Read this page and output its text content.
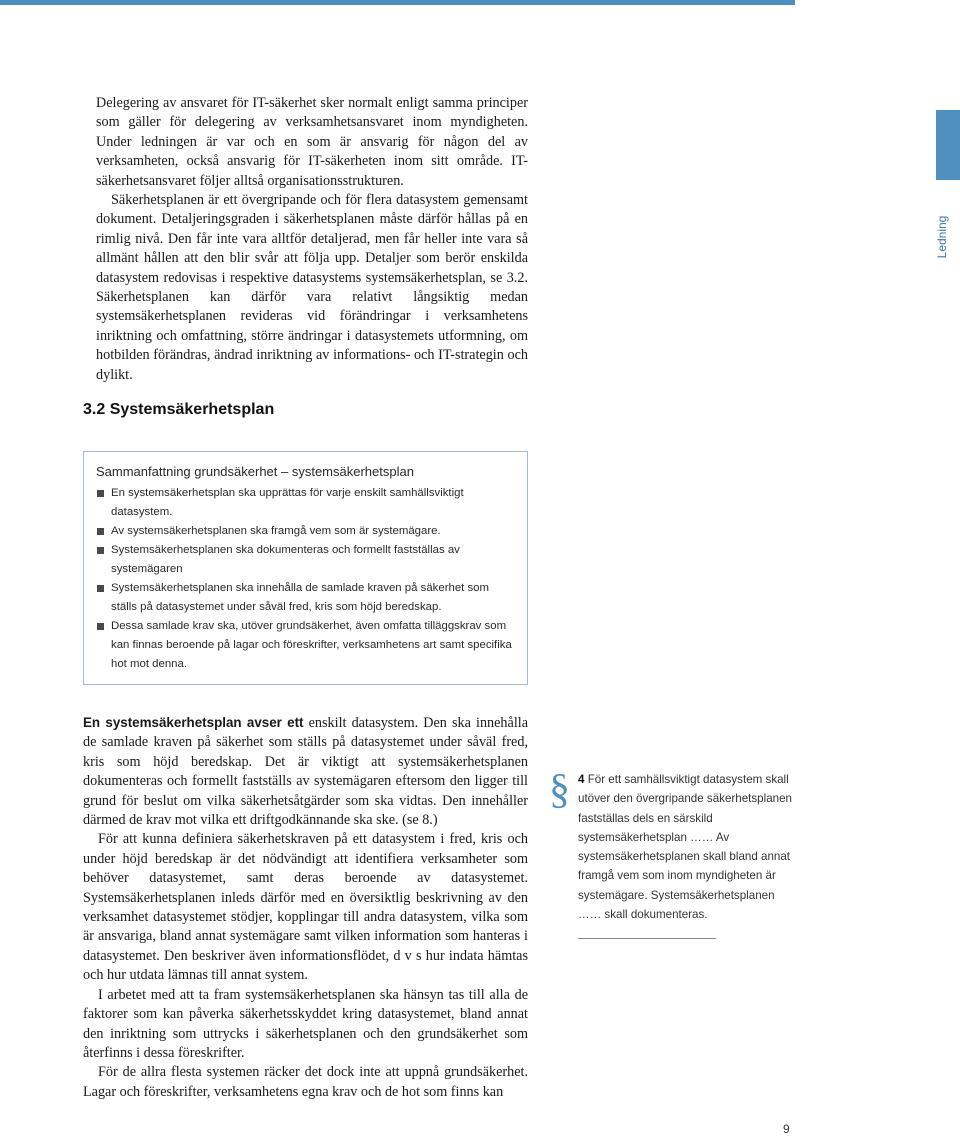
Ledning

Delegering av ansvaret för IT-säkerhet sker normalt enligt samma principer som gäller för delegering av verksamhetsansvaret inom myndigheten. Under ledningen är var och en som är ansvarig för någon del av verksamheten, också ansvarig för IT-säkerheten inom sitt område. IT-säkerhetsansvaret följer alltså organisationsstrukturen.

Säkerhetsplanen är ett övergripande och för flera datasystem gemensamt dokument. Detaljeringsgraden i säkerhetsplanen måste därför hållas på en rimlig nivå. Den får inte vara alltför detaljerad, men får heller inte vara så allmänt hållen att den blir svår att följa upp. Detaljer som berör enskilda datasystem redovisas i respektive datasystems systemsäkerhetsplan, se 3.2. Säkerhetsplanen kan därför vara relativt långsiktig medan systemsäkerhetsplanen revideras vid förändringar i verksamhetens inriktning och omfattning, större ändringar i datasystemets utformning, om hotbilden förändras, ändrad inriktning av informations- och IT-strategin och dylikt.

3.2 Systemsäkerhetsplan
Sammanfattning grundsäkerhet – systemsäkerhetsplan
En systemsäkerhetsplan ska upprättas för varje enskilt samhällsviktigt datasystem.
Av systemsäkerhetsplanen ska framgå vem som är systemägare.
Systemsäkerhetsplanen ska dokumenteras och formellt fastställas av systemägaren
Systemsäkerhetsplanen ska innehålla de samlade kraven på säkerhet som ställs på datasystemet under såväl fred, kris som höjd beredskap.
Dessa samlade krav ska, utöver grundsäkerhet, även omfatta tilläggskrav som kan finnas beroende på lagar och föreskrifter, verksamhetens art samt specifika hot mot denna.

En systemsäkerhetsplan avser ett enskilt datasystem. Den ska innehålla de samlade kraven på säkerhet som ställs på datasystemet under såväl fred, kris som höjd beredskap. Det är viktigt att systemsäkerhetsplanen dokumenteras och formellt fastställs av systemägaren eftersom den ligger till grund för beslut om vilka säkerhetsåtgärder som ska vidtas. Den innehåller därmed de krav mot vilka ett driftgodkännande ska ske. (se 8.)

För att kunna definiera säkerhetskraven på ett datasystem i fred, kris och under höjd beredskap är det nödvändigt att identifiera verksamheter som behöver datasystemet, samt deras beroende av datasystemet. Systemsäkerhetsplanen inleds därför med en översiktlig beskrivning av den verksamhet datasystemet stödjer, kopplingar till andra datasystem, vilka som är ansvariga, bland annat systemägare samt vilken information som hanteras i datasystemet. Den beskriver även informationsflödet, d v s hur indata hämtas och hur utdata lämnas till annat system.

I arbetet med att ta fram systemsäkerhetsplanen ska hänsyn tas till alla de faktorer som kan påverka säkerhetsskyddet kring datasystemet, bland annat den inriktning som uttrycks i säkerhetsplanen och den grundsäkerhet som återfinns i dessa föreskrifter.

För de allra flesta systemen räcker det dock inte att uppnå grundsäkerhet. Lagar och föreskrifter, verksamhetens egna krav och de hot som finns kan

§ 4 För ett samhällsviktigt datasystem skall utöver den övergripande säkerhetsplanen fastställas dels en särskild systemsäkerhetsplan …… Av systemsäkerhetsplanen skall bland annat framgå vem som inom myndigheten är systemägare. Systemsäkerhetsplanen …… skall dokumenteras.
9
